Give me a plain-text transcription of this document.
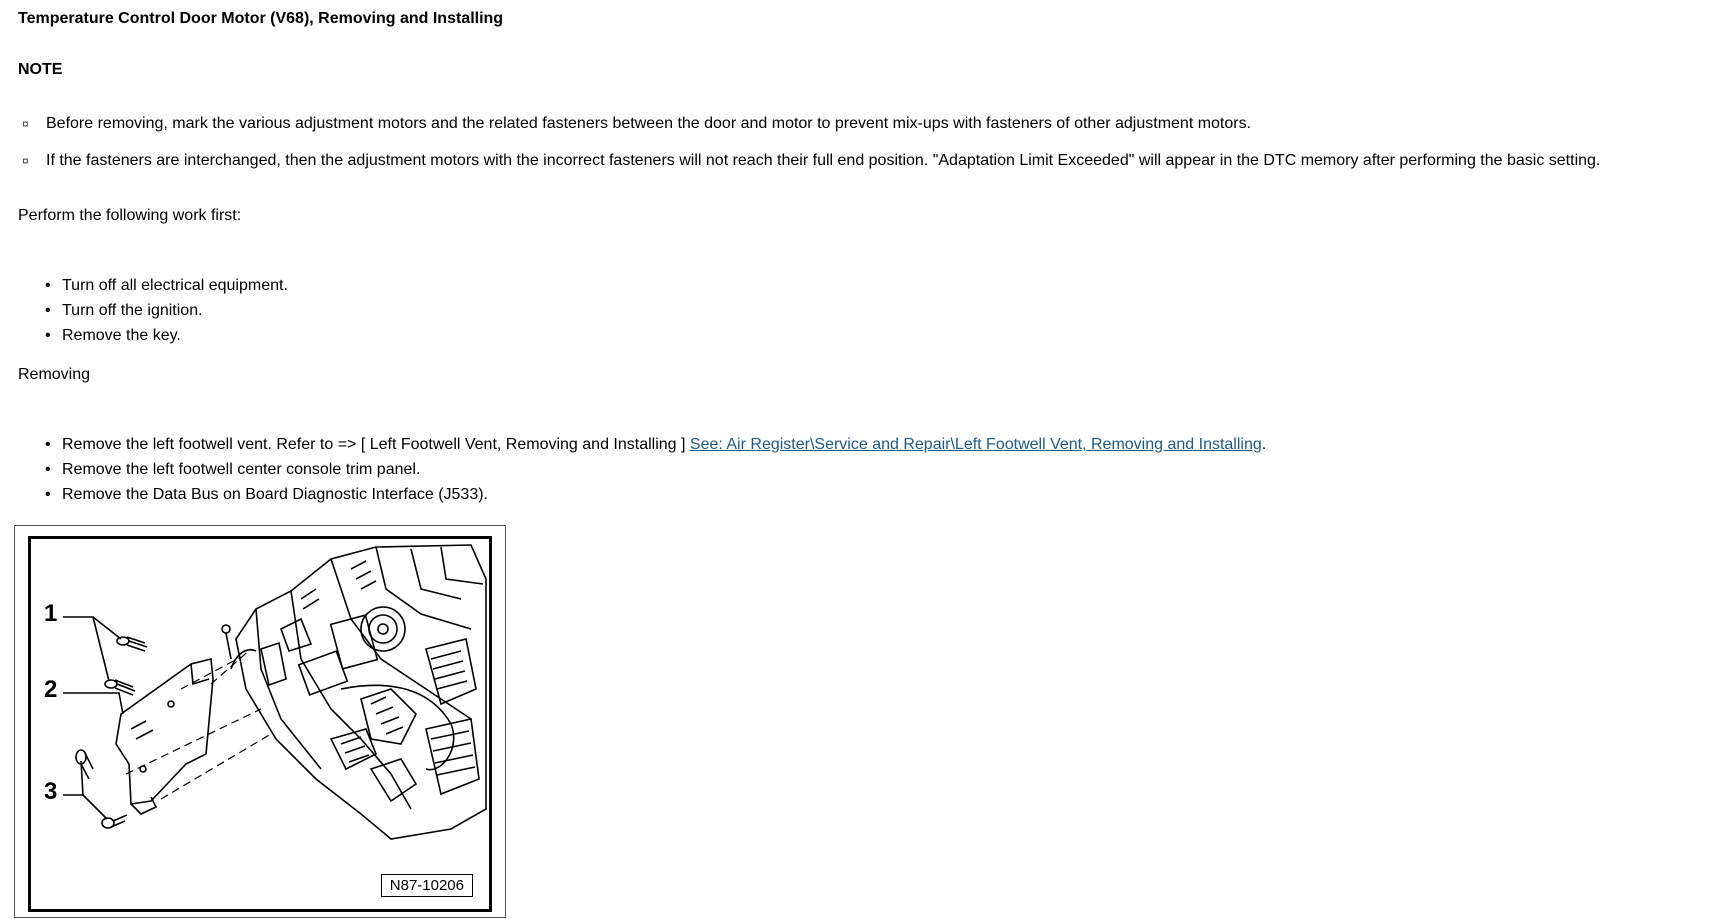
Temperature Control Door Motor (V68), Removing and Installing
NOTE
¤ Before removing, mark the various adjustment motors and the related fasteners between the door and motor to prevent mix-ups with fasteners of other adjustment motors.
¤ If the fasteners are interchanged, then the adjustment motors with the incorrect fasteners will not reach their full end position. "Adaptation Limit Exceeded" will appear in the DTC memory after performing the basic setting.
Perform the following work first:
• Turn off all electrical equipment.
• Turn off the ignition.
• Remove the key.
Removing
• Remove the left footwell vent. Refer to => [ Left Footwell Vent, Removing and Installing ] See: Air Register\Service and Repair\Left Footwell Vent, Removing and Installing.
• Remove the left footwell center console trim panel.
• Remove the Data Bus on Board Diagnostic Interface (J533).
1
2
3
N87-10206
